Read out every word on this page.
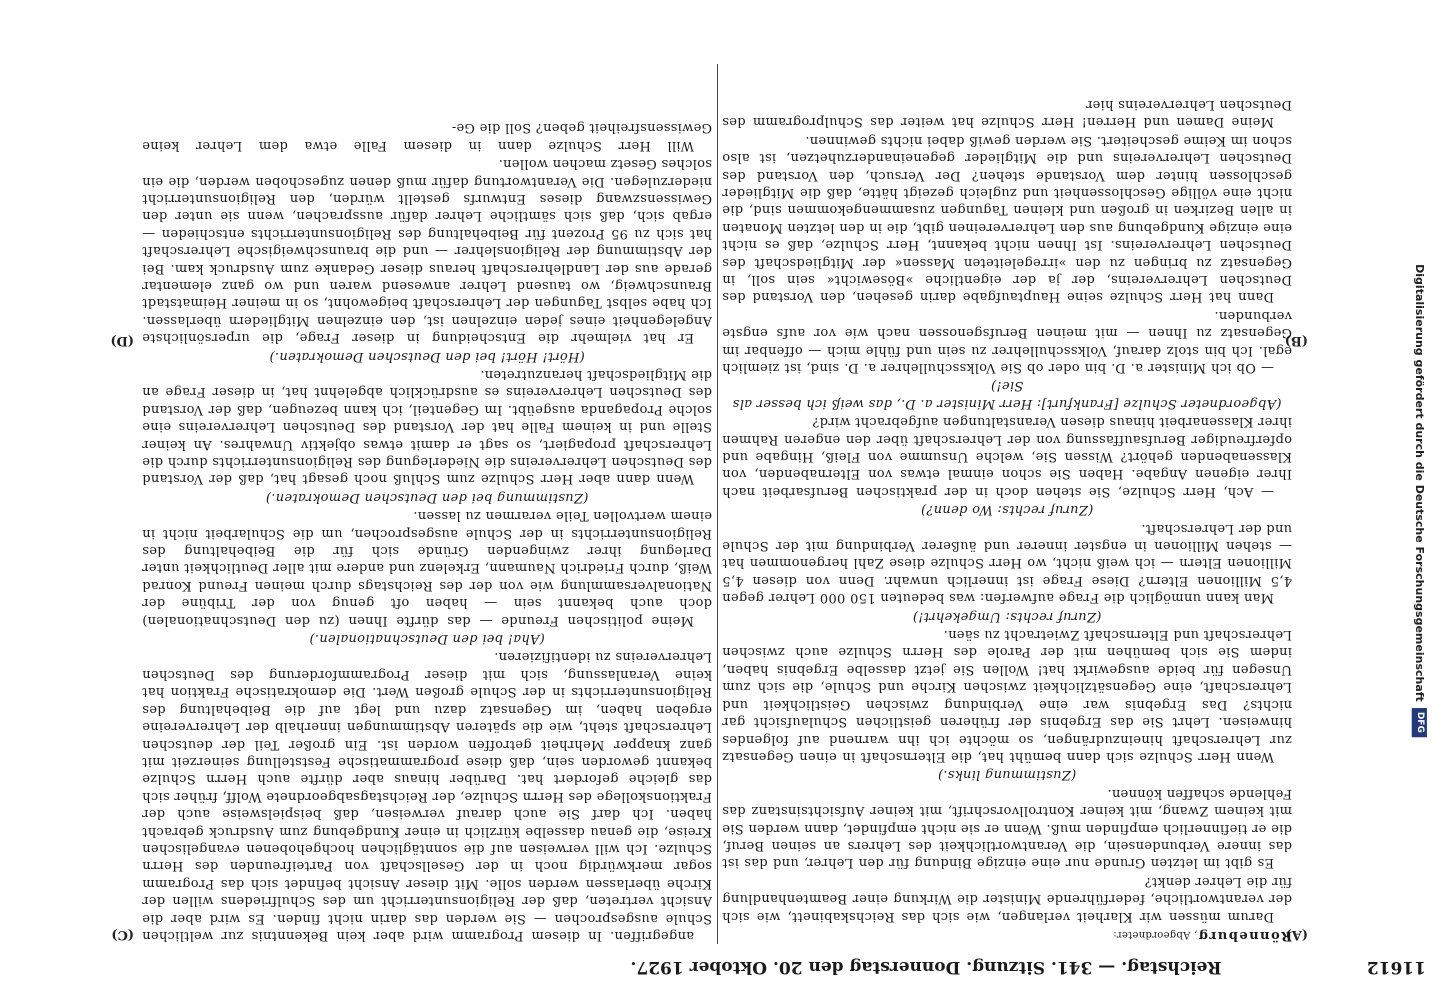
11612
Reichstag. — 341. Sitzung. Donnerstag den 20. Oktober 1927.
(A)
(B)
(C)
(D)

Rönneburg, Abgeordneter:

Darum müssen wir Klarheit verlangen, wie sich das Reichskabinett, wie sich der verantwortliche, federführende Minister die Wirkung einer Beamtenhandlung für die Lehrer denkt?

Es gibt im letzten Grunde nur eine einzige Bindung für den Lehrer, und das ist das innere Verbundensein, die Verantwortlichkeit des Lehrers an seinen Beruf, die er tiefinnerlich empfinden muß. Wenn er sie nicht empfindet, dann werden Sie mit keinem Zwang, mit keiner Kontrollvorschrift, mit keiner Aufsichtsinstanz das Fehlende schaffen können.

(Zustimmung links.)

Wenn Herr Schulze sich dann bemüht hat, die Elternschaft in einen Gegensatz zur Lehrerschaft hineinzudrängen, so möchte ich ihn warnend auf folgendes hinweisen. Lehrt Sie das Ergebnis der früheren geistlichen Schulaufsicht gar nichts? Das Ergebnis war eine Verbindung zwischen Geistlichkeit und Lehrerschaft, eine Gegensätzlichkeit zwischen Kirche und Schule, die sich zum Unsegen für beide ausgewirkt hat! Wollen Sie jetzt dasselbe Ergebnis haben, indem Sie sich bemühen mit der Parole des Herrn Schulze auch zwischen Lehrerschaft und Elternschaft Zwietracht zu säen.

(Zuruf rechts: Umgekehrt!)

Man kann unmöglich die Frage aufwerfen: was bedeuten 150 000 Lehrer gegen 4,5 Millionen Eltern? Diese Frage ist innerlich unwahr. Denn von diesen 4,5 Millionen Eltern — ich weiß nicht, wo Herr Schulze diese Zahl hergenommen hat — stehen Millionen in engster innerer und äußerer Verbindung mit der Schule und der Lehrerschaft.

(Zuruf rechts: Wo denn?)

— Ach, Herr Schulze, Sie stehen doch in der praktischen Berufsarbeit nach Ihrer eigenen Angabe. Haben Sie schon einmal etwas von Elternabenden, von Klassenabenden gehört? Wissen Sie, welche Unsumme von Fleiß, Hingabe und opferfreudiger Berufsauffassung von der Lehrerschaft über den engeren Rahmen ihrer Klassenarbeit hinaus diesen Veranstaltungen aufgebracht wird?

(Abgeordneter Schulze [Frankfurt]: Herr Minister a. D., das weiß ich besser als Sie!)

— Ob ich Minister a. D. bin oder ob Sie Volksschullehrer a. D. sind, ist ziemlich egal. Ich bin stolz darauf, Volksschullehrer zu sein und fühle mich — offenbar im Gegensatz zu Ihnen — mit meinen Berufsgenossen nach wie vor aufs engste verbunden.

Dann hat Herr Schulze seine Hauptaufgabe darin gesehen, den Vorstand des Deutschen Lehrervereins, der ja der eigentliche »Bösewicht« sein soll, in Gegensatz zu bringen zu den »irregeleiteten Massen« der Mitgliedschaft des Deutschen Lehrervereins. Ist Ihnen nicht bekannt, Herr Schulze, daß es nicht eine einzige Kundgebung aus den Lehrervereinen gibt, die in den letzten Monaten in allen Bezirken in großen und kleinen Tagungen zusammengekommen sind, die nicht eine völlige Geschlossenheit und zugleich gezeigt hätte, daß die Mitglieder geschlossen hinter dem Vorstande stehen? Der Versuch, den Vorstand des Deutschen Lehrervereins und die Mitglieder gegeneinanderzuhetzen, ist also schon im Keime gescheitert. Sie werden gewiß dabei nichts gewinnen.

Meine Damen und Herren! Herr Schulze hat weiter das Schulprogramm des Deutschen Lehrervereins hier

angegriffen. In diesem Programm wird aber kein Bekenntnis zur weltlichen Schule ausgesprochen — Sie werden das darin nicht finden. Es wird aber die Ansicht vertreten, daß der Religionsunterricht um des Schulfriedens willen der Kirche überlassen werden solle. Mit dieser Ansicht befindet sich das Programm sogar merkwürdig noch in der Gesellschaft von Parteifreunden des Herrn Schulze. Ich will verweisen auf die sonntäglichen hochgehobenen evangelischen Kreise, die genau dasselbe kürzlich in einer Kundgebung zum Ausdruck gebracht haben. Ich darf Sie auch darauf verweisen, daß beispielsweise auch der Fraktionskollege des Herrn Schulze, der Reichstagsabgeordnete Wolff, früher sich das gleiche gefordert hat. Darüber hinaus aber dürfte auch Herrn Schulze bekannt geworden sein, daß diese programmatische Feststellung seinerzeit mit ganz knapper Mehrheit getroffen worden ist. Ein großer Teil der deutschen Lehrerschaft steht, wie die späteren Abstimmungen innerhalb der Lehrervereine ergeben haben, im Gegensatz dazu und legt auf die Beibehaltung des Religionsunterrichts in der Schule großen Wert. Die demokratische Fraktion hat keine Veranlassung, sich mit dieser Programmforderung des Deutschen Lehrervereins zu identifizieren.

(Aha! bei den Deutschnationalen.)

Meine politischen Freunde — das dürfte Ihnen (zu den Deutschnationalen) doch auch bekannt sein — haben oft genug von der Tribüne der Nationalversammlung wie von der des Reichstags durch meinen Freund Konrad Weiß, durch Friedrich Naumann, Erkelenz und andere mit aller Deutlichkeit unter Darlegung ihrer zwingenden Gründe sich für die Beibehaltung des Religionsunterrichts in der Schule ausgesprochen, um die Schularbeit nicht in einem wertvollen Teile verarmen zu lassen.

(Zustimmung bei den Deutschen Demokraten.)

Wenn dann aber Herr Schulze zum Schluß noch gesagt hat, daß der Vorstand des Deutschen Lehrervereins die Niederlegung des Religionsunterrichts durch die Lehrerschaft propagiert, so sagt er damit etwas objektiv Unwahres. An keiner Stelle und in keinem Falle hat der Vorstand des Deutschen Lehrervereins eine solche Propaganda ausgeübt. Im Gegenteil, ich kann bezeugen, daß der Vorstand des Deutschen Lehrervereins es ausdrücklich abgelehnt hat, in dieser Frage an die Mitgliedschaft heranzutreten.

(Hört! Hört! bei den Deutschen Demokraten.)

Er hat vielmehr die Entscheidung in dieser Frage, die urpersönlichste Angelegenheit eines jeden einzelnen ist, den einzelnen Mitgliedern überlassen. Ich habe selbst Tagungen der Lehrerschaft beigewohnt, so in meiner Heimatstadt Braunschweig, wo tausend Lehrer anwesend waren und wo ganz elementar gerade aus der Landlehrerschaft heraus dieser Gedanke zum Ausdruck kam. Bei der Abstimmung der Religionslehrer — und die braunschweigische Lehrerschaft hat sich zu 95 Prozent für Beibehaltung des Religionsunterrichts entschieden — ergab sich, daß sich sämtliche Lehrer dafür aussprachen, wenn sie unter den Gewissenszwang dieses Entwurfs gestellt würden, den Religionsunterricht niederzulegen. Die Verantwortung dafür muß denen zugeschoben werden, die ein solches Gesetz machen wollen.

Will Herr Schulze dann in diesem Falle etwa dem Lehrer keine Gewissensfreiheit geben? Soll die Ge-

Digitalisierung gefördert durch die Deutsche Forschungsgemeinschaft
DFG
